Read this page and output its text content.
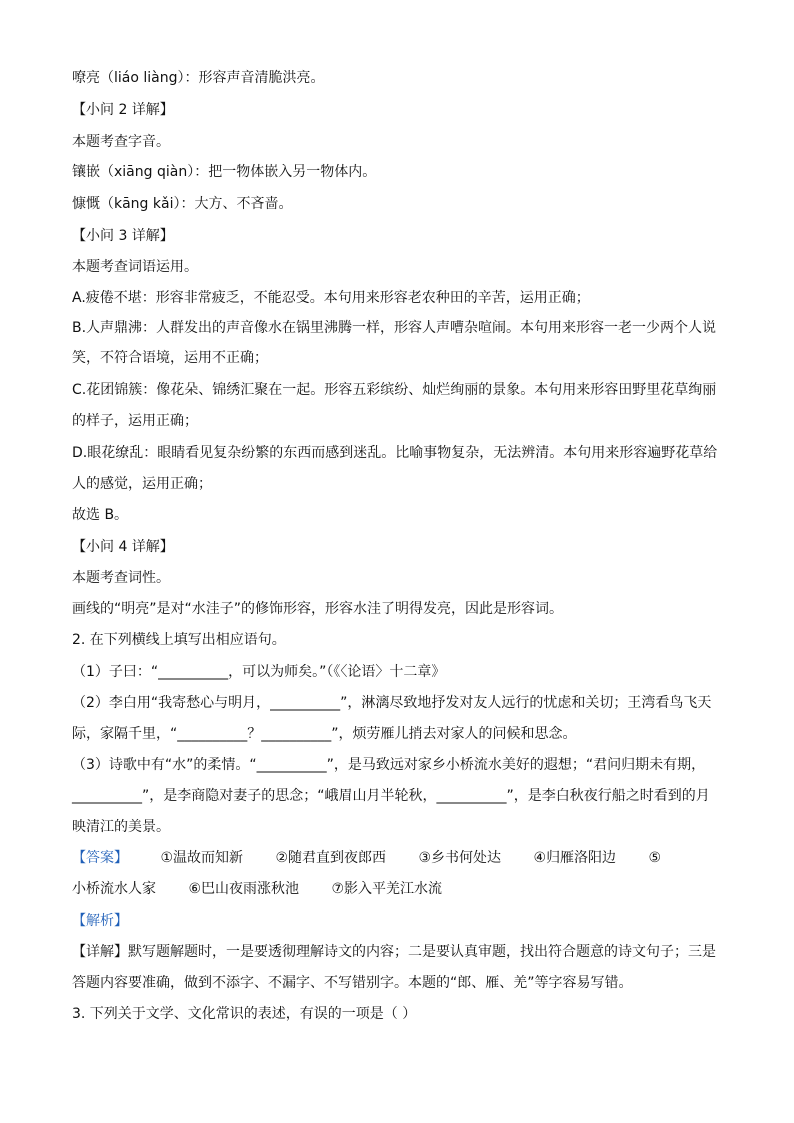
嘹亮（liáo liàng）：形容声音清脆洪亮。
【小问 2 详解】
本题考查字音。
镶嵌（xiāng qiàn）：把一物体嵌入另一物体内。
慷慨（kāng kǎi）：大方、不吝啬。
【小问 3 详解】
本题考查词语运用。
A.疲倦不堪：形容非常疲乏，不能忍受。本句用来形容老农种田的辛苦，运用正确；
B.人声鼎沸：人群发出的声音像水在锅里沸腾一样，形容人声嘈杂喧闹。本句用来形容一老一少两个人说
笑，不符合语境，运用不正确；
C.花团锦簇：像花朵、锦绣汇聚在一起。形容五彩缤纷、灿烂绚丽的景象。本句用来形容田野里花草绚丽
的样子，运用正确；
D.眼花缭乱：眼睛看见复杂纷繁的东西而感到迷乱。比喻事物复杂，无法辨清。本句用来形容遍野花草给
人的感觉，运用正确；
故选 B。
【小问 4 详解】
本题考查词性。
画线的“明亮”是对“水洼子”的修饰形容，形容水洼了明得发亮，因此是形容词。
2. 在下列横线上填写出相应语句。
（1）子曰：“__________，可以为师矣。”（《〈论语〉十二章》
（2）李白用“我寄愁心与明月，__________”，淋漓尽致地抒发对友人远行的忧虑和关切；王湾看鸟飞天
际，家隔千里，“__________？__________”，烦劳雁儿捎去对家人的问候和思念。
（3）诗歌中有“水”的柔情。“__________”，是马致远对家乡小桥流水美好的遐想；“君问归期未有期，
__________”，是李商隐对妻子的思念；“峨眉山月半轮秋，__________”，是李白秋夜行船之时看到的月
映清江的美景。
【答案】 ①温故而知新 ②随君直到夜郎西 ③乡书何处达 ④归雁洛阳边 ⑤
小桥流水人家 ⑥巴山夜雨涨秋池 ⑦影入平羌江水流
【解析】
【详解】默写题解题时，一是要透彻理解诗文的内容；二是要认真审题，找出符合题意的诗文句子；三是
答题内容要准确，做到不添字、不漏字、不写错别字。本题的“郎、雁、羌”等字容易写错。
3. 下列关于文学、文化常识的表述，有误的一项是（ ）
